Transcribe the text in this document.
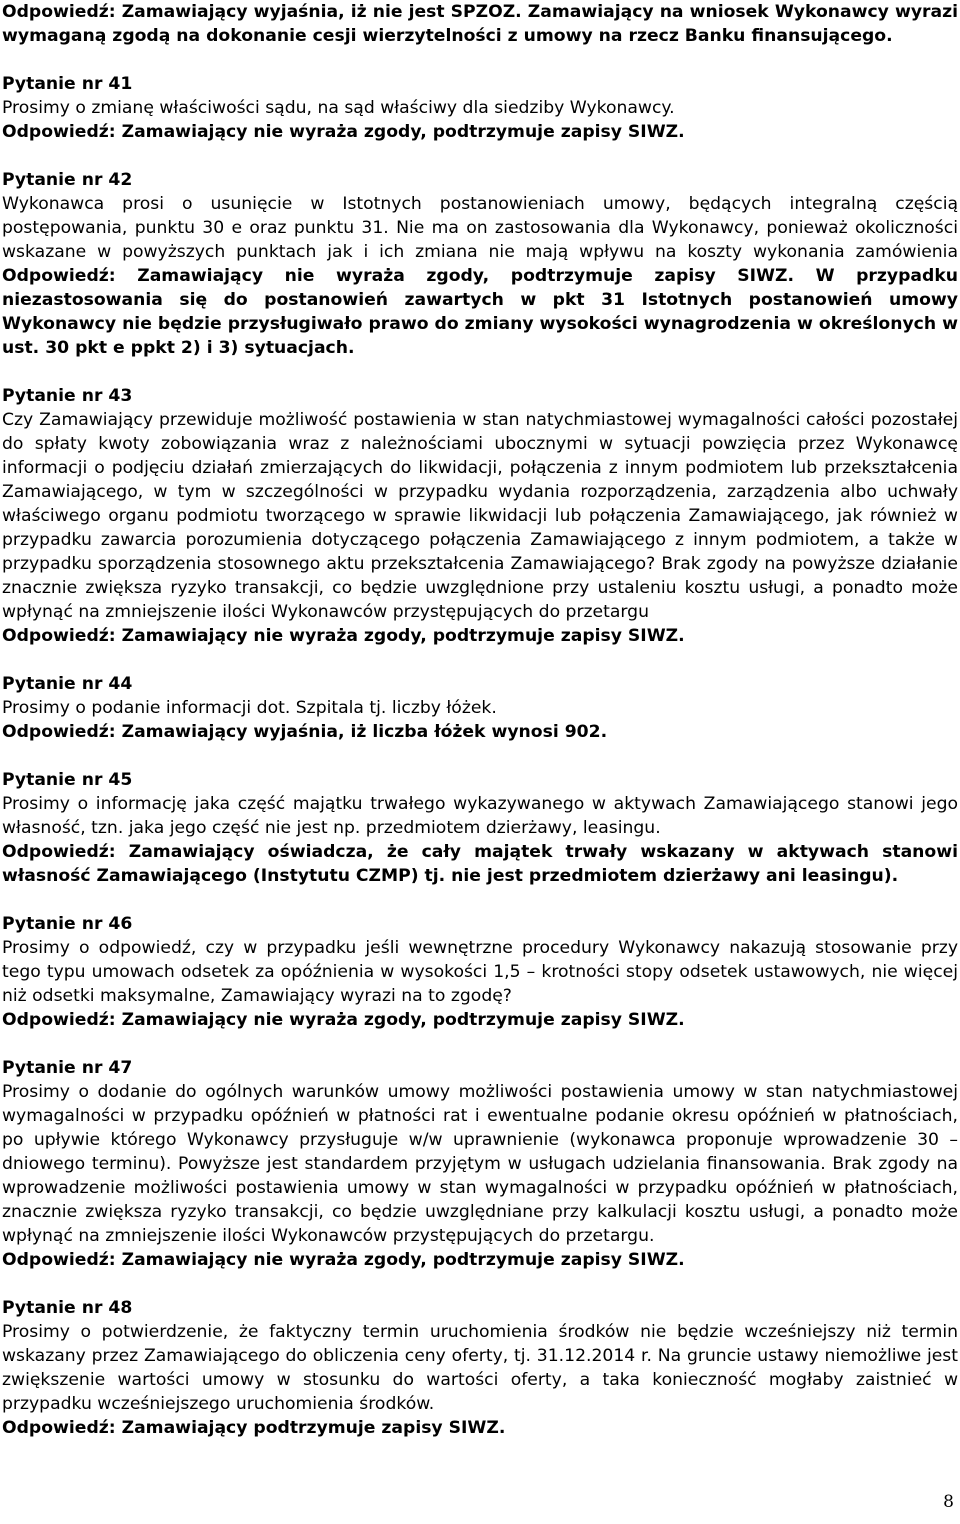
Odpowiedź: Zamawiający wyjaśnia, iż nie jest SPZOZ. Zamawiający na wniosek Wykonawcy wyrazi wymaganą zgodą na dokonanie cesji wierzytelności z umowy na rzecz Banku finansującego.

Pytanie nr 41

Prosimy o zmianę właściwości sądu, na sąd właściwy dla siedziby Wykonawcy.

Odpowiedź: Zamawiający nie wyraża zgody, podtrzymuje zapisy SIWZ.

Pytanie nr 42

Wykonawca prosi o usunięcie w Istotnych postanowieniach umowy, będących integralną częścią postępowania, punktu 30 e oraz punktu 31. Nie ma on zastosowania dla Wykonawcy, ponieważ okoliczności wskazane w powyższych punktach jak i ich zmiana nie mają wpływu na koszty wykonania zamówienia Odpowiedź: Zamawiający nie wyraża zgody, podtrzymuje zapisy SIWZ. W przypadku niezastosowania się do postanowień zawartych w pkt 31 Istotnych postanowień umowy Wykonawcy nie będzie przysługiwało prawo do zmiany wysokości wynagrodzenia w określonych w ust. 30 pkt e ppkt 2) i 3) sytuacjach.

Pytanie nr 43

Czy Zamawiający przewiduje możliwość postawienia w stan natychmiastowej wymagalności całości pozostałej do spłaty kwoty zobowiązania wraz z należnościami ubocznymi w sytuacji powzięcia przez Wykonawcę informacji o podjęciu działań zmierzających do likwidacji, połączenia z innym podmiotem lub przekształcenia Zamawiającego, w tym w szczególności w przypadku wydania rozporządzenia, zarządzenia albo uchwały właściwego organu podmiotu tworzącego w sprawie likwidacji lub połączenia Zamawiającego, jak również w przypadku zawarcia porozumienia dotyczącego połączenia Zamawiającego z innym podmiotem, a także w przypadku sporządzenia stosownego aktu przekształcenia Zamawiającego? Brak zgody na powyższe działanie znacznie zwiększa ryzyko transakcji, co będzie uwzględnione przy ustaleniu kosztu usługi, a ponadto może wpłynąć na zmniejszenie ilości Wykonawców przystępujących do przetargu

Odpowiedź: Zamawiający nie wyraża zgody, podtrzymuje zapisy SIWZ.

Pytanie nr 44

Prosimy o podanie informacji dot. Szpitala tj. liczby łóżek.

Odpowiedź: Zamawiający wyjaśnia, iż liczba łóżek wynosi 902.

Pytanie nr 45

Prosimy o informację jaka część majątku trwałego wykazywanego w aktywach Zamawiającego stanowi jego własność, tzn. jaka jego część nie jest np. przedmiotem dzierżawy, leasingu.

Odpowiedź: Zamawiający oświadcza, że cały majątek trwały wskazany w aktywach stanowi własność Zamawiającego (Instytutu CZMP) tj. nie jest przedmiotem dzierżawy ani leasingu).

Pytanie nr 46

Prosimy o odpowiedź, czy w przypadku jeśli wewnętrzne procedury Wykonawcy nakazują stosowanie przy tego typu umowach odsetek za opóźnienia w wysokości 1,5 – krotności stopy odsetek ustawowych, nie więcej niż odsetki maksymalne, Zamawiający wyrazi na to zgodę?

Odpowiedź: Zamawiający nie wyraża zgody, podtrzymuje zapisy SIWZ.

Pytanie nr 47

Prosimy o dodanie do ogólnych warunków umowy możliwości postawienia umowy w stan natychmiastowej wymagalności w przypadku opóźnień w płatności rat i ewentualne podanie okresu opóźnień w płatnościach, po upływie którego Wykonawcy przysługuje w/w uprawnienie (wykonawca proponuje wprowadzenie 30 – dniowego terminu). Powyższe jest standardem przyjętym w usługach udzielania finansowania. Brak zgody na wprowadzenie możliwości postawienia umowy w stan wymagalności w przypadku opóźnień w płatnościach, znacznie zwiększa ryzyko transakcji, co będzie uwzględniane przy kalkulacji kosztu usługi, a ponadto może wpłynąć na zmniejszenie ilości Wykonawców przystępujących do przetargu.

Odpowiedź: Zamawiający nie wyraża zgody, podtrzymuje zapisy SIWZ.

Pytanie nr 48

Prosimy o potwierdzenie, że faktyczny termin uruchomienia środków nie będzie wcześniejszy niż termin wskazany przez Zamawiającego do obliczenia ceny oferty, tj. 31.12.2014 r. Na gruncie ustawy niemożliwe jest zwiększenie wartości umowy w stosunku do wartości oferty, a taka konieczność mogłaby zaistnieć w przypadku wcześniejszego uruchomienia środków.

Odpowiedź: Zamawiający podtrzymuje zapisy SIWZ.

8
